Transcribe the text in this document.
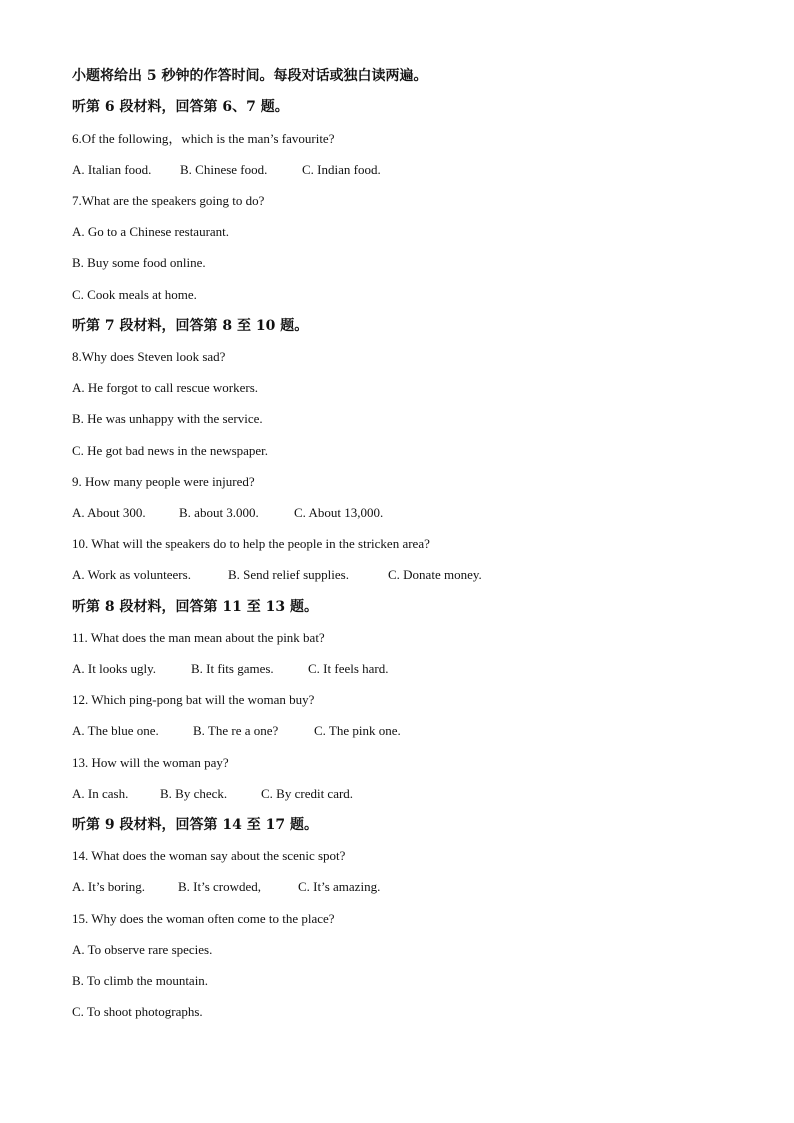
小题将给出 5 秒钟的作答时间。每段对话或独白读两遍。
听第 6 段材料，回答第 6、7 题。
6.Of the following，which is the man’s favourite?
A. Italian food. B. Chinese food.	C. Indian food.
7.What are the speakers going to do?
A. Go to a Chinese restaurant.
B. Buy some food online.
C. Cook meals at home.
听第 7 段材料，回答第 8 至 10 题。
8.Why does Steven look sad?
A. He forgot to call rescue workers.
B. He was unhappy with the service.
C. He got bad news in the newspaper.
9. How many people were injured?
A. About 300.	B. about 3.000.	C. About 13,000.
10. What will the speakers do to help the people in the stricken area?
A. Work as volunteers.	B. Send relief supplies.	C. Donate money.
听第 8 段材料，回答第 11 至 13 题。
11. What does the man mean about the pink bat?
A. It looks ugly.	B. It fits games.	C. It feels hard.
12. Which ping-pong bat will the woman buy?
A. The blue one.	B. The re a one?	C. The pink one.
13. How will the woman pay?
A. In cash. B. By check.	C. By credit card.
听第 9 段材料，回答第 14 至 17 题。
14. What does the woman say about the scenic spot?
A. It’s boring.	B. It’s crowded,	C. It’s amazing.
15. Why does the woman often come to the place?
A. To observe rare species.
B. To climb the mountain.
C. To shoot photographs.
